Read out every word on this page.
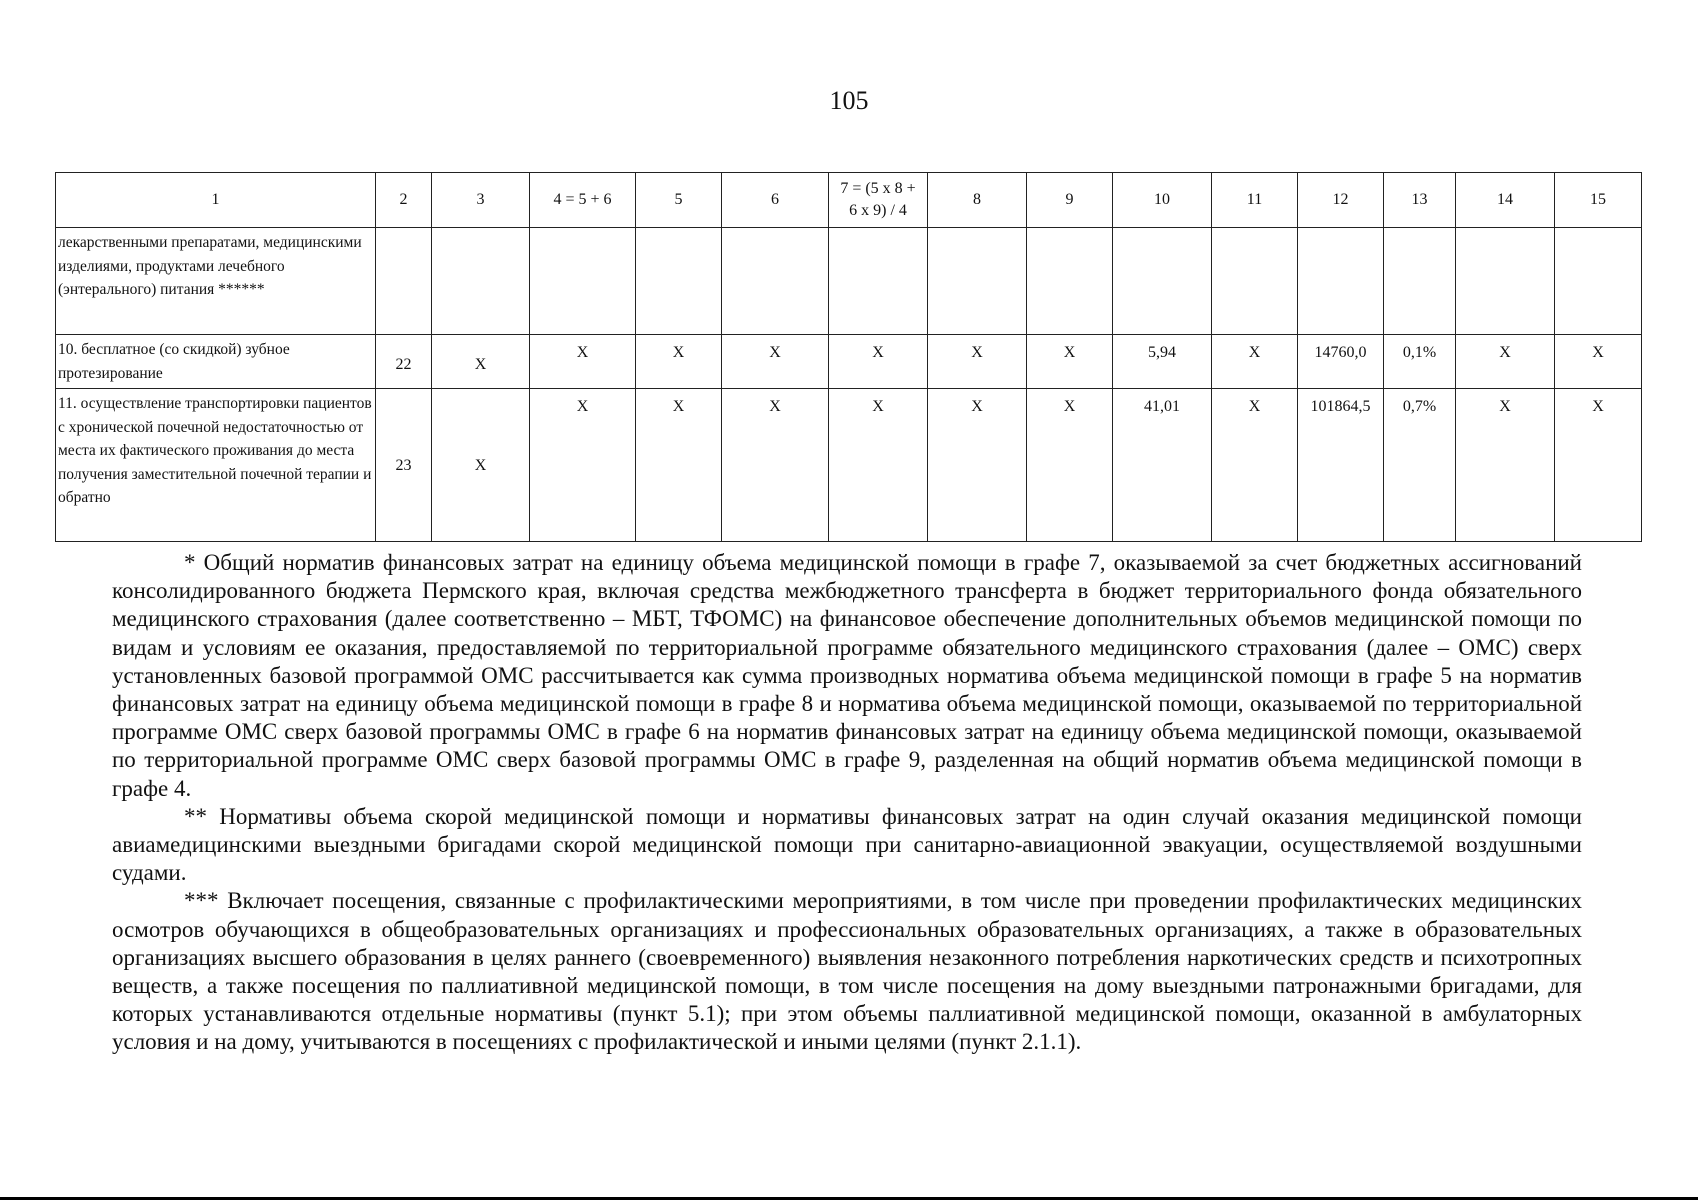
105
1	2	3	4 = 5 + 6	5	6	7 = (5 x 8 + 6 x 9) / 4	8	9	10	11	12	13	14	15
лекарственными препаратами, медицинскими изделиями, продуктами лечебного (энтерального) питания ******														
10. бесплатное (со скидкой) зубное протезирование	22	X	X	X	X	X	X	X	5,94	X	14760,0	0,1%	X	X
11. осуществление транспортировки пациентов с хронической почечной недостаточностью от места их фактического проживания до места получения заместительной почечной терапии и обратно	23	X	X	X	X	X	X	X	41,01	X	101864,5	0,7%	X	X

* Общий норматив финансовых затрат на единицу объема медицинской помощи в графе 7, оказываемой за счет бюджетных ассигнований консолидированного бюджета Пермского края, включая средства межбюджетного трансферта в бюджет территориального фонда обязательного медицинского страхования (далее соответственно – МБТ, ТФОМС) на финансовое обеспечение дополнительных объемов медицинской помощи по видам и условиям ее оказания, предоставляемой по территориальной программе обязательного медицинского страхования (далее – ОМС) сверх установленных базовой программой ОМС рассчитывается как сумма производных норматива объема медицинской помощи в графе 5 на норматив финансовых затрат на единицу объема медицинской помощи в графе 8 и норматива объема медицинской помощи, оказываемой по территориальной программе ОМС сверх базовой программы ОМС в графе 6 на норматив финансовых затрат на единицу объема медицинской помощи, оказываемой по территориальной программе ОМС сверх базовой программы ОМС в графе 9, разделенная на общий норматив объема медицинской помощи в графе 4.

** Нормативы объема скорой медицинской помощи и нормативы финансовых затрат на один случай оказания медицинской помощи авиамедицинскими выездными бригадами скорой медицинской помощи при санитарно-авиационной эвакуации, осуществляемой воздушными судами.

*** Включает посещения, связанные с профилактическими мероприятиями, в том числе при проведении профилактических медицинских осмотров обучающихся в общеобразовательных организациях и профессиональных образовательных организациях, а также в образовательных организациях высшего образования в целях раннего (своевременного) выявления незаконного потребления наркотических средств и психотропных веществ, а также посещения по паллиативной медицинской помощи, в том числе посещения на дому выездными патронажными бригадами, для которых устанавливаются отдельные нормативы (пункт 5.1); при этом объемы паллиативной медицинской помощи, оказанной в амбулаторных условия и на дому, учитываются в посещениях с профилактической и иными целями (пункт 2.1.1).
